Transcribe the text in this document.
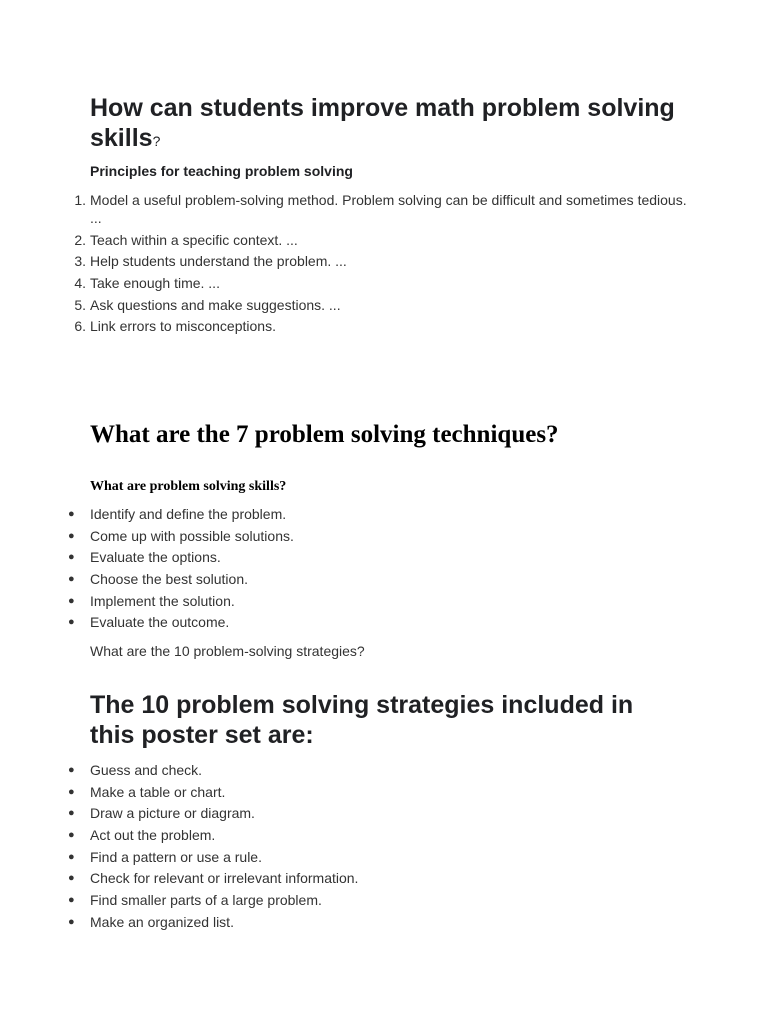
How can students improve math problem solving skills?
Principles for teaching problem solving
1. Model a useful problem-solving method. Problem solving can be difficult and sometimes tedious. ...
2. Teach within a specific context. ...
3. Help students understand the problem. ...
4. Take enough time. ...
5. Ask questions and make suggestions. ...
6. Link errors to misconceptions.
What are the 7 problem solving techniques?
What are problem solving skills?
● Identify and define the problem.
● Come up with possible solutions.
● Evaluate the options.
● Choose the best solution.
● Implement the solution.
● Evaluate the outcome.

What are the 10 problem-solving strategies?

The 10 problem solving strategies included in this poster set are:
● Guess and check.
● Make a table or chart.
● Draw a picture or diagram.
● Act out the problem.
● Find a pattern or use a rule.
● Check for relevant or irrelevant information.
● Find smaller parts of a large problem.
● Make an organized list.
